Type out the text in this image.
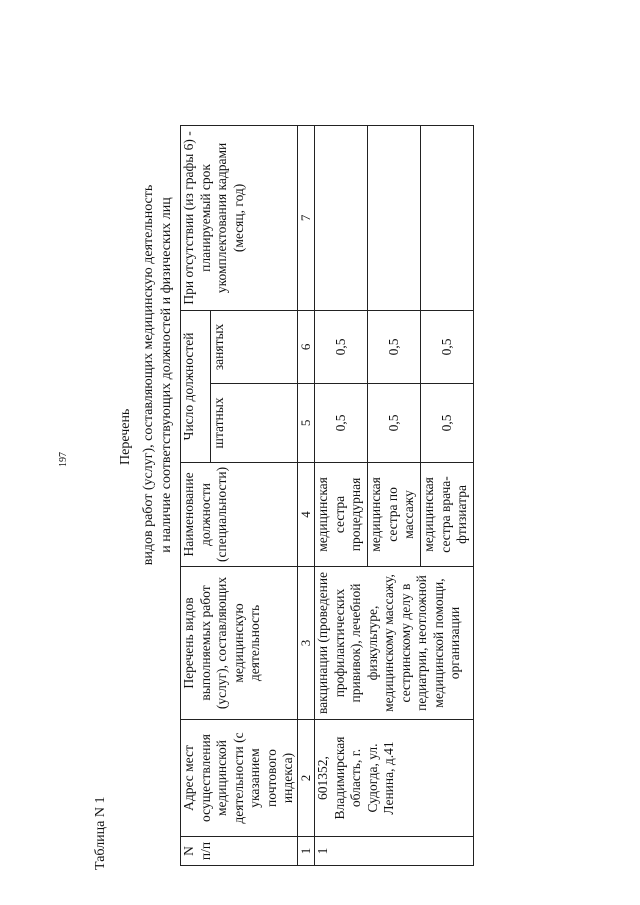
197
Таблица N 1
Перечень видов работ (услуг), составляющих медицинскую деятельность и наличие соответствующих должностей и физических лиц
N п/п	Адрес мест осуществления медицинской деятельности (с указанием почтового индекса)	Перечень видов выполняемых работ (услуг), составляющих медицинскую деятельность	Наименование должности (специальности)	Число должностей		При отсутствии (из графы 6) - планируемый срок укомплектования кадрами (месяц, год)
				штатных	занятых	
1	2	3	4	5	6	7
1	601352, Владимирская область, г. Судогда, ул. Ленина, д.41	вакцинации (проведение профилактических прививок), лечебной физкультуре, медицинскому массажу, сестринскому делу в педиатрии, неотложной медицинской помощи, организации	медицинская сестра процедурная	0,5	0,5	
			медицинская сестра по массажу	0,5	0,5	
			медицинская сестра врача-фтизиатра	0,5	0,5	
